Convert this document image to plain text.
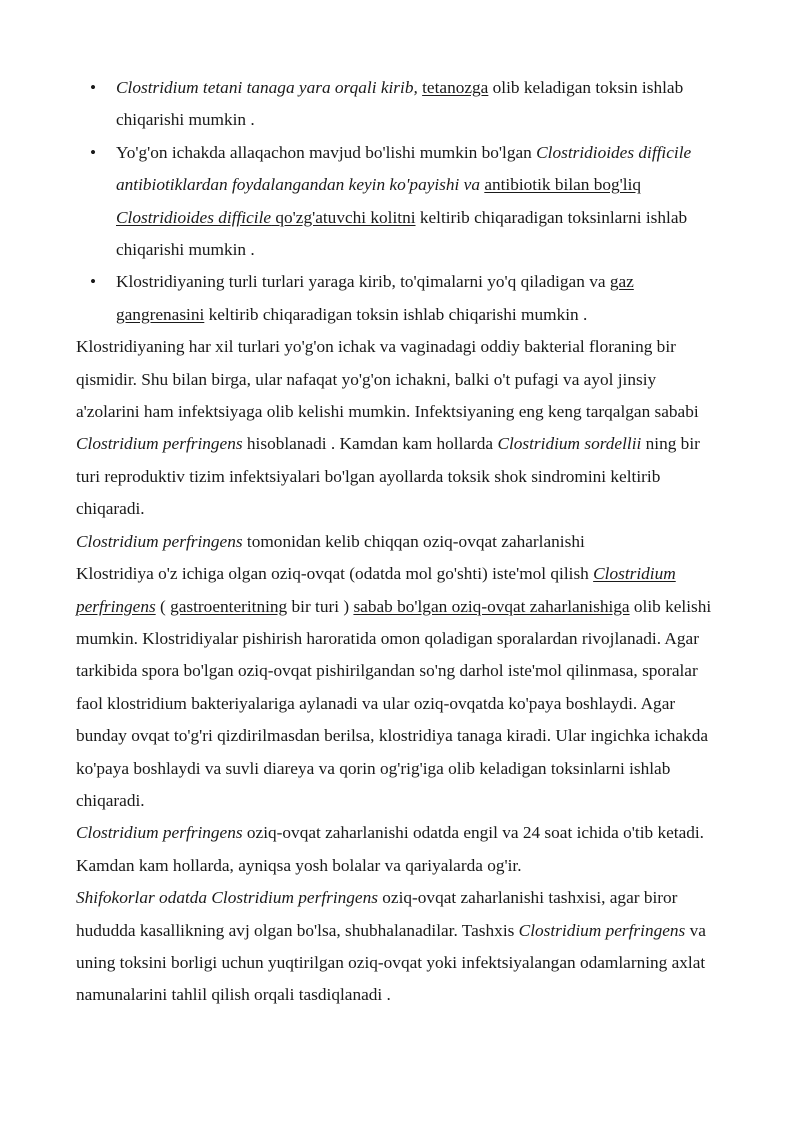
• Clostridium tetani tanaga yara orqali kirib, tetanozga olib keladigan toksin ishlab chiqarishi mumkin .
• Yo'g'on ichakda allaqachon mavjud bo'lishi mumkin bo'lgan Clostridioides difficile antibiotiklardan foydalangandan keyin ko'payishi va antibiotik bilan bog'liq Clostridioides difficile qo'zg'atuvchi kolitni keltirib chiqaradigan toksinlarni ishlab chiqarishi mumkin .
• Klostridiyaning turli turlari yaraga kirib, to'qimalarni yo'q qiladigan va gaz gangrenasini keltirib chiqaradigan toksin ishlab chiqarishi mumkin .

Klostridiyaning har xil turlari yo'g'on ichak va vaginadagi oddiy bakterial floraning bir qismidir. Shu bilan birga, ular nafaqat yo'g'on ichakni, balki o't pufagi va ayol jinsiy a'zolarini ham infektsiyaga olib kelishi mumkin. Infektsiyaning eng keng tarqalgan sababi Clostridium perfringens hisoblanadi . Kamdan kam hollarda Clostridium sordellii ning bir turi reproduktiv tizim infektsiyalari bo'lgan ayollarda toksik shok sindromini keltirib chiqaradi.

Clostridium perfringens tomonidan kelib chiqqan oziq-ovqat zaharlanishi

Klostridiya o'z ichiga olgan oziq-ovqat (odatda mol go'shti) iste'mol qilish Clostridium perfringens ( gastroenteritning bir turi ) sabab bo'lgan oziq-ovqat zaharlanishiga olib kelishi mumkin. Klostridiyalar pishirish haroratida omon qoladigan sporalardan rivojlanadi. Agar tarkibida spora bo'lgan oziq-ovqat pishirilgandan so'ng darhol iste'mol qilinmasa, sporalar faol klostridium bakteriyalariga aylanadi va ular oziq-ovqatda ko'paya boshlaydi. Agar bunday ovqat to'g'ri qizdirilmasdan berilsa, klostridiya tanaga kiradi. Ular ingichka ichakda ko'paya boshlaydi va suvli diareya va qorin og'rig'iga olib keladigan toksinlarni ishlab chiqaradi.

Clostridium perfringens oziq-ovqat zaharlanishi odatda engil va 24 soat ichida o'tib ketadi. Kamdan kam hollarda, ayniqsa yosh bolalar va qariyalarda og'ir.

Shifokorlar odatda Clostridium perfringens oziq-ovqat zaharlanishi tashxisi, agar biror hududda kasallikning avj olgan bo'lsa, shubhalanadilar. Tashxis Clostridium perfringens va uning toksini borligi uchun yuqtirilgan oziq-ovqat yoki infektsiyalangan odamlarning axlat namunalarini tahlil qilish orqali tasdiqlanadi .
